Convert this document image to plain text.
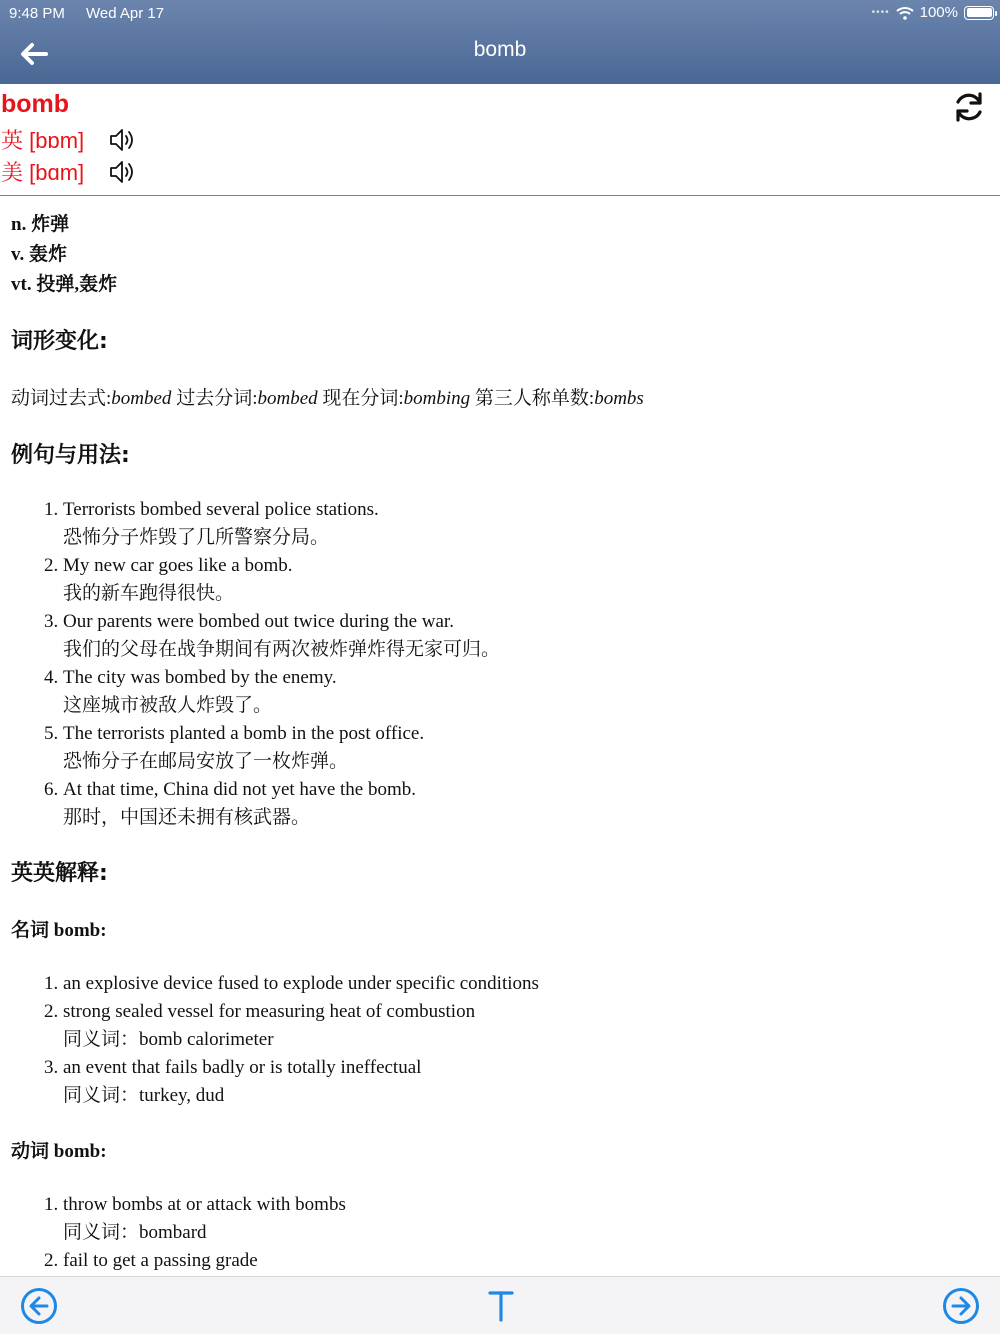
9:48 PM Wed Apr 17	•••• 100%
bomb
bomb
英 [bɒm]
美 [bɑm]
n. 炸弹
v. 轰炸
vt. 投弹,轰炸
词形变化:
动词过去式:bombed 过去分词:bombed 现在分词:bombing 第三人称单数:bombs
例句与用法:
1. Terrorists bombed several police stations.
恐怖分子炸毁了几所警察分局。
2. My new car goes like a bomb.
我的新车跑得很快。
3. Our parents were bombed out twice during the war.
我们的父母在战争期间有两次被炸弹炸得无家可归。
4. The city was bombed by the enemy.
这座城市被敌人炸毁了。
5. The terrorists planted a bomb in the post office.
恐怖分子在邮局安放了一枚炸弹。
6. At that time, China did not yet have the bomb.
那时，中国还未拥有核武器。
英英解释:
名词 bomb:
1. an explosive device fused to explode under specific conditions
2. strong sealed vessel for measuring heat of combustion
同义词：bomb calorimeter
3. an event that fails badly or is totally ineffectual
同义词：turkey, dud
动词 bomb:
1. throw bombs at or attack with bombs
同义词：bombard
2. fail to get a passing grade
